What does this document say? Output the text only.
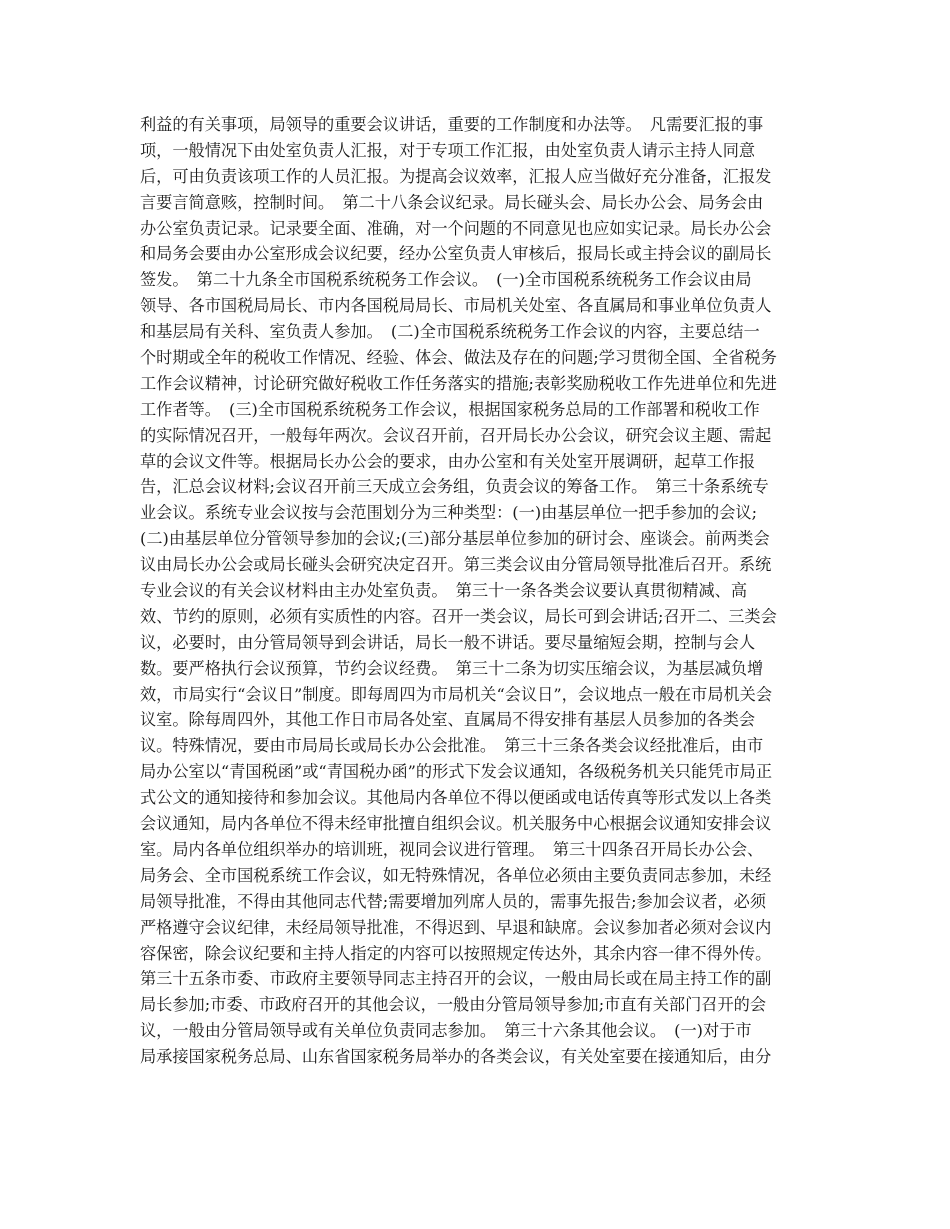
利益的有关事项，局领导的重要会议讲话，重要的工作制度和办法等。　凡需要汇报的事
项，一般情况下由处室负责人汇报，对于专项工作汇报，由处室负责人请示主持人同意
后，可由负责该项工作的人员汇报。为提高会议效率，汇报人应当做好充分准备，汇报发
言要言简意赅，控制时间。　第二十八条会议纪录。局长碰头会、局长办公会、局务会由
办公室负责记录。记录要全面、准确，对一个问题的不同意见也应如实记录。局长办公会
和局务会要由办公室形成会议纪要，经办公室负责人审核后，报局长或主持会议的副局长
签发。　第二十九条全市国税系统税务工作会议。　(一)全市国税系统税务工作会议由局
领导、各市国税局局长、市内各国税局局长、市局机关处室、各直属局和事业单位负责人
和基层局有关科、室负责人参加。　(二)全市国税系统税务工作会议的内容，主要总结一
个时期或全年的税收工作情况、经验、体会、做法及存在的问题;学习贯彻全国、全省税务
工作会议精神，讨论研究做好税收工作任务落实的措施;表彰奖励税收工作先进单位和先进
工作者等。　(三)全市国税系统税务工作会议，根据国家税务总局的工作部署和税收工作
的实际情况召开，一般每年两次。会议召开前，召开局长办公会议，研究会议主题、需起
草的会议文件等。根据局长办公会的要求，由办公室和有关处室开展调研，起草工作报
告，汇总会议材料;会议召开前三天成立会务组，负责会议的筹备工作。　第三十条系统专
业会议。系统专业会议按与会范围划分为三种类型：(一)由基层单位一把手参加的会议;
(二)由基层单位分管领导参加的会议;(三)部分基层单位参加的研讨会、座谈会。前两类会
议由局长办公会或局长碰头会研究决定召开。第三类会议由分管局领导批准后召开。系统
专业会议的有关会议材料由主办处室负责。　第三十一条各类会议要认真贯彻精减、高
效、节约的原则，必须有实质性的内容。召开一类会议，局长可到会讲话;召开二、三类会
议，必要时，由分管局领导到会讲话，局长一般不讲话。要尽量缩短会期，控制与会人
数。要严格执行会议预算，节约会议经费。　第三十二条为切实压缩会议，为基层减负增
效，市局实行“会议日”制度。即每周四为市局机关“会议日”，会议地点一般在市局机关会
议室。除每周四外，其他工作日市局各处室、直属局不得安排有基层人员参加的各类会
议。特殊情况，要由市局局长或局长办公会批准。　第三十三条各类会议经批准后，由市
局办公室以“青国税函”或“青国税办函”的形式下发会议通知，各级税务机关只能凭市局正
式公文的通知接待和参加会议。其他局内各单位不得以便函或电话传真等形式发以上各类
会议通知，局内各单位不得未经审批擅自组织会议。机关服务中心根据会议通知安排会议
室。局内各单位组织举办的培训班，视同会议进行管理。　第三十四条召开局长办公会、
局务会、全市国税系统工作会议，如无特殊情况，各单位必须由主要负责同志参加，未经
局领导批准，不得由其他同志代替;需要增加列席人员的，需事先报告;参加会议者，必须
严格遵守会议纪律，未经局领导批准，不得迟到、早退和缺席。会议参加者必须对会议内
容保密，除会议纪要和主持人指定的内容可以按照规定传达外，其余内容一律不得外传。
第三十五条市委、市政府主要领导同志主持召开的会议，一般由局长或在局主持工作的副
局长参加;市委、市政府召开的其他会议，一般由分管局领导参加;市直有关部门召开的会
议，一般由分管局领导或有关单位负责同志参加。　第三十六条其他会议。　(一)对于市
局承接国家税务总局、山东省国家税务局举办的各类会议，有关处室要在接通知后，由分
